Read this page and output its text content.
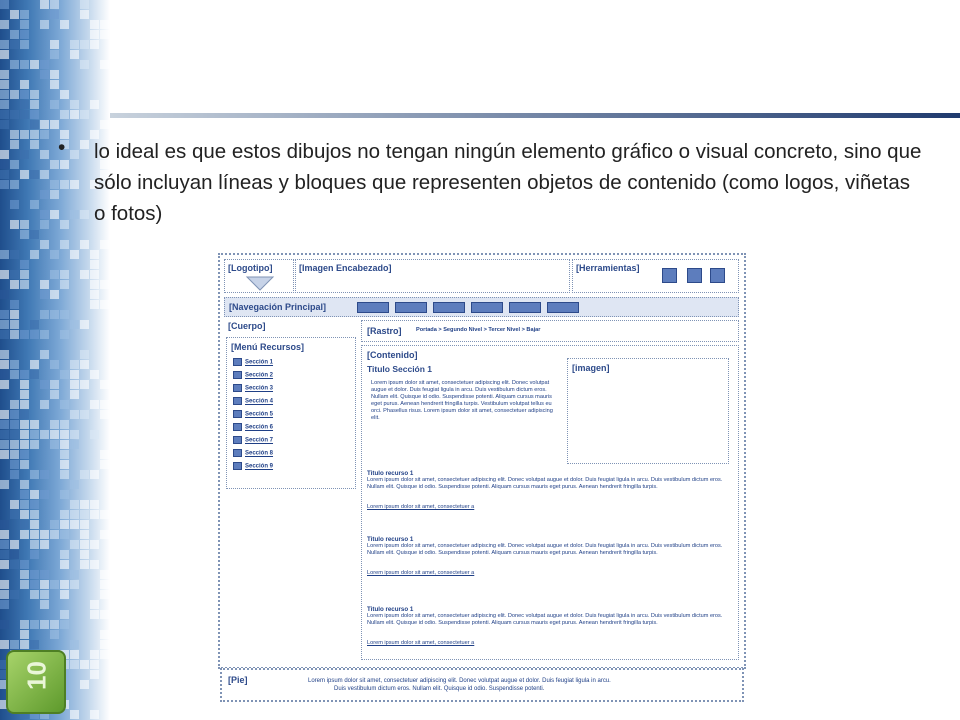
10
• lo ideal es que estos dibujos no tengan ningún elemento gráfico o visual concreto, sino que sólo incluyan líneas y bloques que representen objetos de contenido (como logos, viñetas o fotos)
[Logotipo]	[Imagen Encabezado]	[Herramientas]
[Navegación Principal]
[Cuerpo]	[Rastro]	Portada > Segundo Nivel > Tercer Nivel > Bajar
[Menú Recursos]
Sección 1
Sección 2
Sección 3
Sección 4
Sección 5
Sección 6
Sección 7
Sección 8
Sección 9
[Contenido]
Titulo Sección 1
Lorem ipsum dolor sit amet, consectetuer adipiscing elit. Donec volutpat augue et dolor. Duis feugiat ligula in arcu. Duis vestibulum dictum eros. Nullam elit. Quisque id odio. Suspendisse potenti. Aliquam cursus mauris eget purus. Aenean hendrerit fringilla turpis. Vestibulum volutpat tellus eu orci. Phasellus risus. Lorem ipsum dolor sit amet, consectetuer adipiscing elit.
[imagen]
Titulo recurso 1
Lorem ipsum dolor sit amet, consectetuer adipiscing elit. Donec volutpat augue et dolor. Duis feugiat ligula in arcu. Duis vestibulum dictum eros. Nullam elit. Quisque id odio. Suspendisse potenti. Aliquam cursus mauris eget purus. Aenean hendrerit fringilla turpis.
Lorem ipsum dolor sit amet, consectetuer a
Titulo recurso 1
Lorem ipsum dolor sit amet, consectetuer adipiscing elit. Donec volutpat augue et dolor. Duis feugiat ligula in arcu. Duis vestibulum dictum eros. Nullam elit. Quisque id odio. Suspendisse potenti. Aliquam cursus mauris eget purus. Aenean hendrerit fringilla turpis.
Lorem ipsum dolor sit amet, consectetuer a
Titulo recurso 1
Lorem ipsum dolor sit amet, consectetuer adipiscing elit. Donec volutpat augue et dolor. Duis feugiat ligula in arcu. Duis vestibulum dictum eros. Nullam elit. Quisque id odio. Suspendisse potenti. Aliquam cursus mauris eget purus. Aenean hendrerit fringilla turpis.
Lorem ipsum dolor sit amet, consectetuer a
[Pie]	Lorem ipsum dolor sit amet, consectetuer adipiscing elit. Donec volutpat augue et dolor. Duis feugiat ligula in arcu.
Duis vestibulum dictum eros. Nullam elit. Quisque id odio. Suspendisse potenti.
